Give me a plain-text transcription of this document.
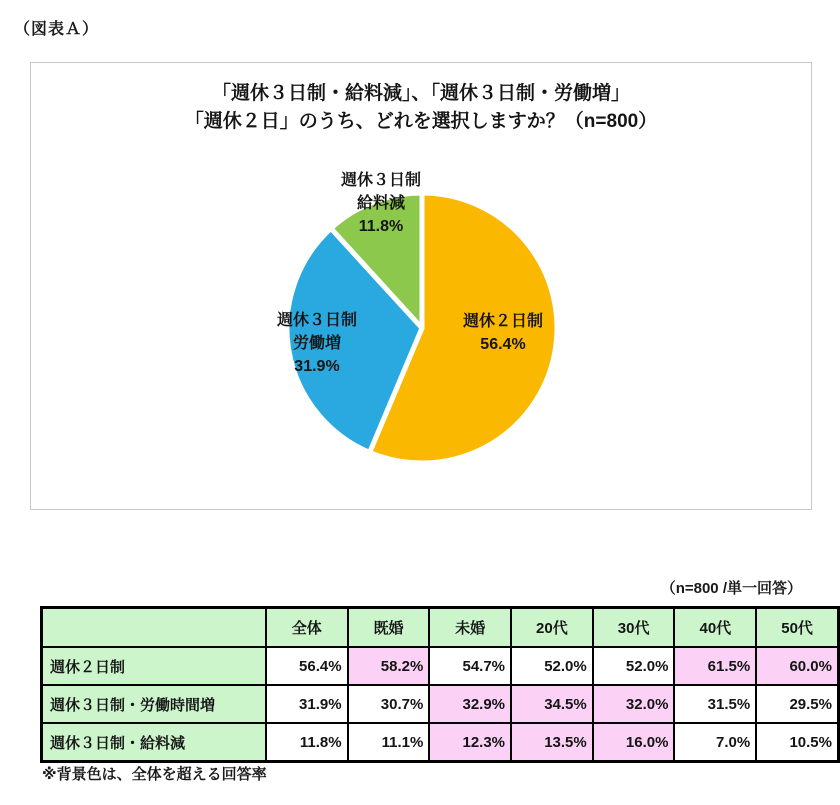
（図表Ａ）
「週休３日制・給料減」、「週休３日制・労働増」
「週休２日」のうち、どれを選択しますか？（n=800）
週休２日制
56.4%
週休３日制
労働増
31.9%
週休３日制
給料減
11.8%
（n=800 /単一回答）
	全体	既婚	未婚	20代	30代	40代	50代
週休２日制	56.4%	58.2%	54.7%	52.0%	52.0%	61.5%	60.0%
週休３日制・労働時間増	31.9%	30.7%	32.9%	34.5%	32.0%	31.5%	29.5%
週休３日制・給料減	11.8%	11.1%	12.3%	13.5%	16.0%	7.0%	10.5%
※背景色は、全体を超える回答率
